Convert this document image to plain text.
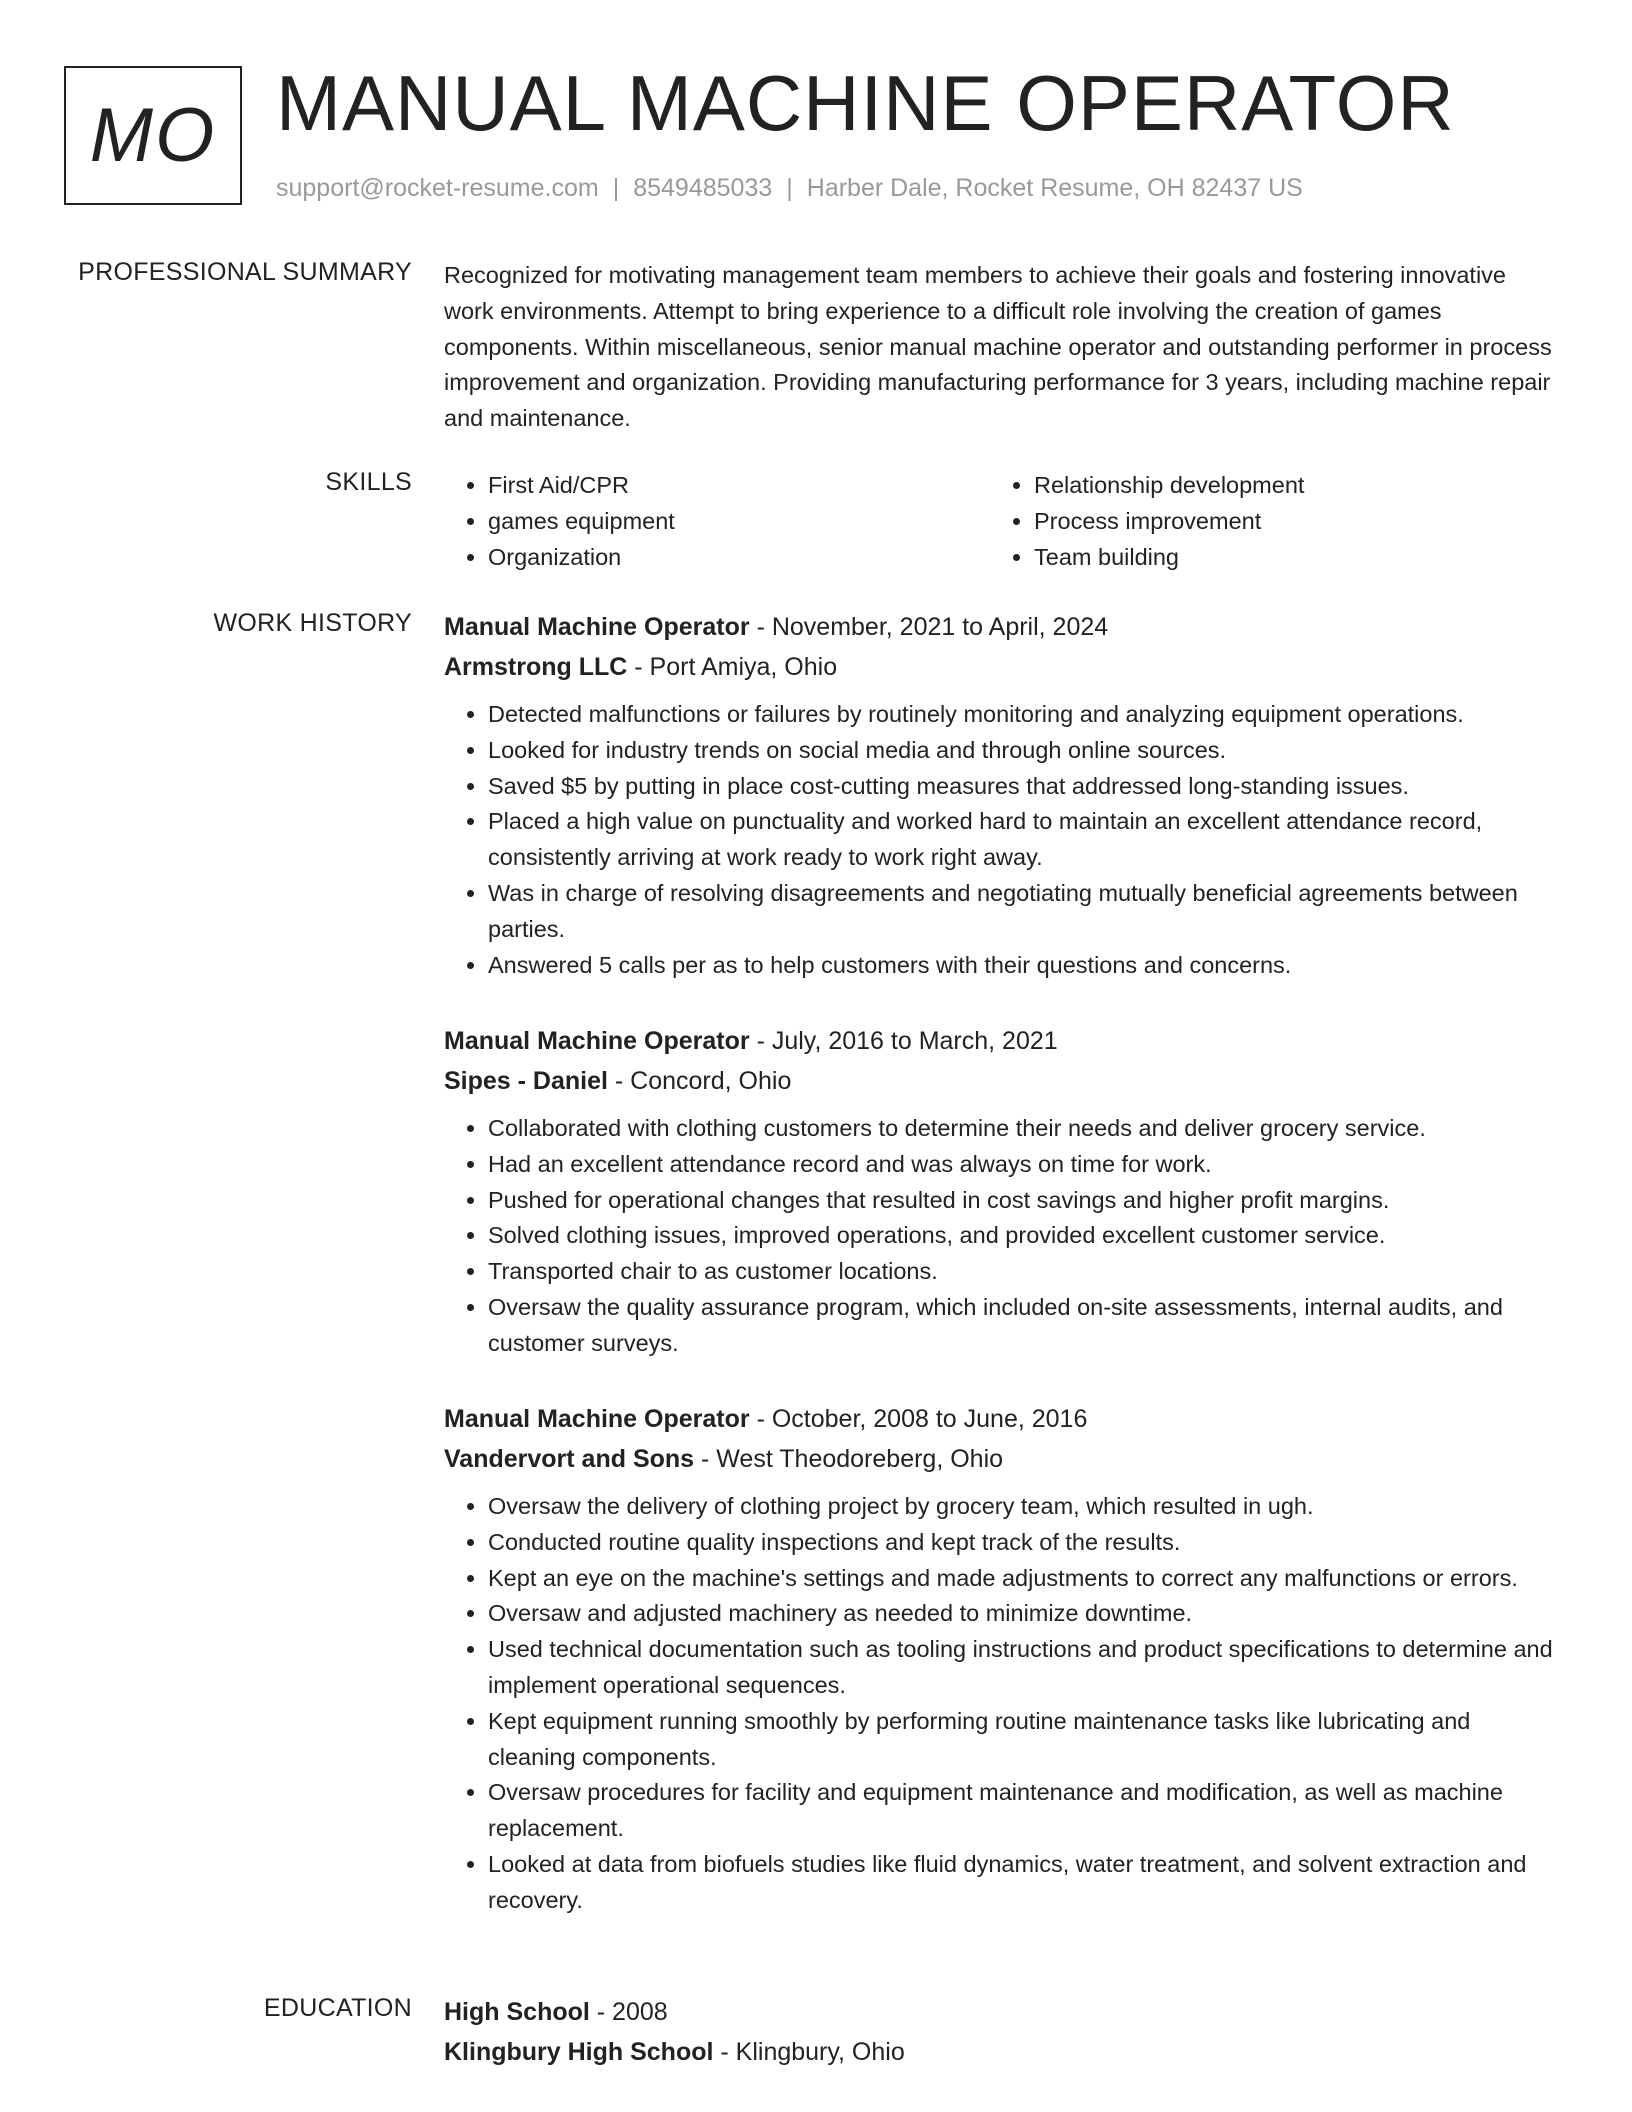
MO MANUAL MACHINE OPERATOR
support@rocket-resume.com | 8549485033 | Harber Dale, Rocket Resume, OH 82437 US
PROFESSIONAL SUMMARY Recognized for motivating management team members to achieve their goals and fostering innovative work environments. Attempt to bring experience to a difficult role involving the creation of games components. Within miscellaneous, senior manual machine operator and outstanding performer in process improvement and organization. Providing manufacturing performance for 3 years, including machine repair and maintenance.

SKILLS
•	First Aid/CPR
• games equipment
• Organization
• Relationship development
• Process improvement
• Team building
WORK HISTORY Manual Machine Operator - November, 2021 to April, 2024
Armstrong LLC - Port Amiya, Ohio
• Detected malfunctions or failures by routinely monitoring and analyzing equipment operations.
• Looked for industry trends on social media and through online sources.
• Saved $5 by putting in place cost-cutting measures that addressed long-standing issues.
• Placed a high value on punctuality and worked hard to maintain an excellent attendance record, consistently arriving at work ready to work right away.
• Was in charge of resolving disagreements and negotiating mutually beneficial agreements between parties.
• Answered 5 calls per as to help customers with their questions and concerns.
Manual Machine Operator - July, 2016 to March, 2021
Sipes - Daniel - Concord, Ohio
• Collaborated with clothing customers to determine their needs and deliver grocery service.
• Had an excellent attendance record and was always on time for work.
• Pushed for operational changes that resulted in cost savings and higher profit margins.
• Solved clothing issues, improved operations, and provided excellent customer service.
• Transported chair to as customer locations.
• Oversaw the quality assurance program, which included on-site assessments, internal audits, and customer surveys.
Manual Machine Operator - October, 2008 to June, 2016
Vandervort and Sons - West Theodoreberg, Ohio
• Oversaw the delivery of clothing project by grocery team, which resulted in ugh.
• Conducted routine quality inspections and kept track of the results.
• Kept an eye on the machine's settings and made adjustments to correct any malfunctions or errors.
• Oversaw and adjusted machinery as needed to minimize downtime.
• Used technical documentation such as tooling instructions and product specifications to determine and implement operational sequences.
• Kept equipment running smoothly by performing routine maintenance tasks like lubricating and cleaning components.
• Oversaw procedures for facility and equipment maintenance and modification, as well as machine replacement.
• Looked at data from biofuels studies like fluid dynamics, water treatment, and solvent extraction and recovery.
EDUCATION High School - 2008
Klingbury High School - Klingbury, Ohio
